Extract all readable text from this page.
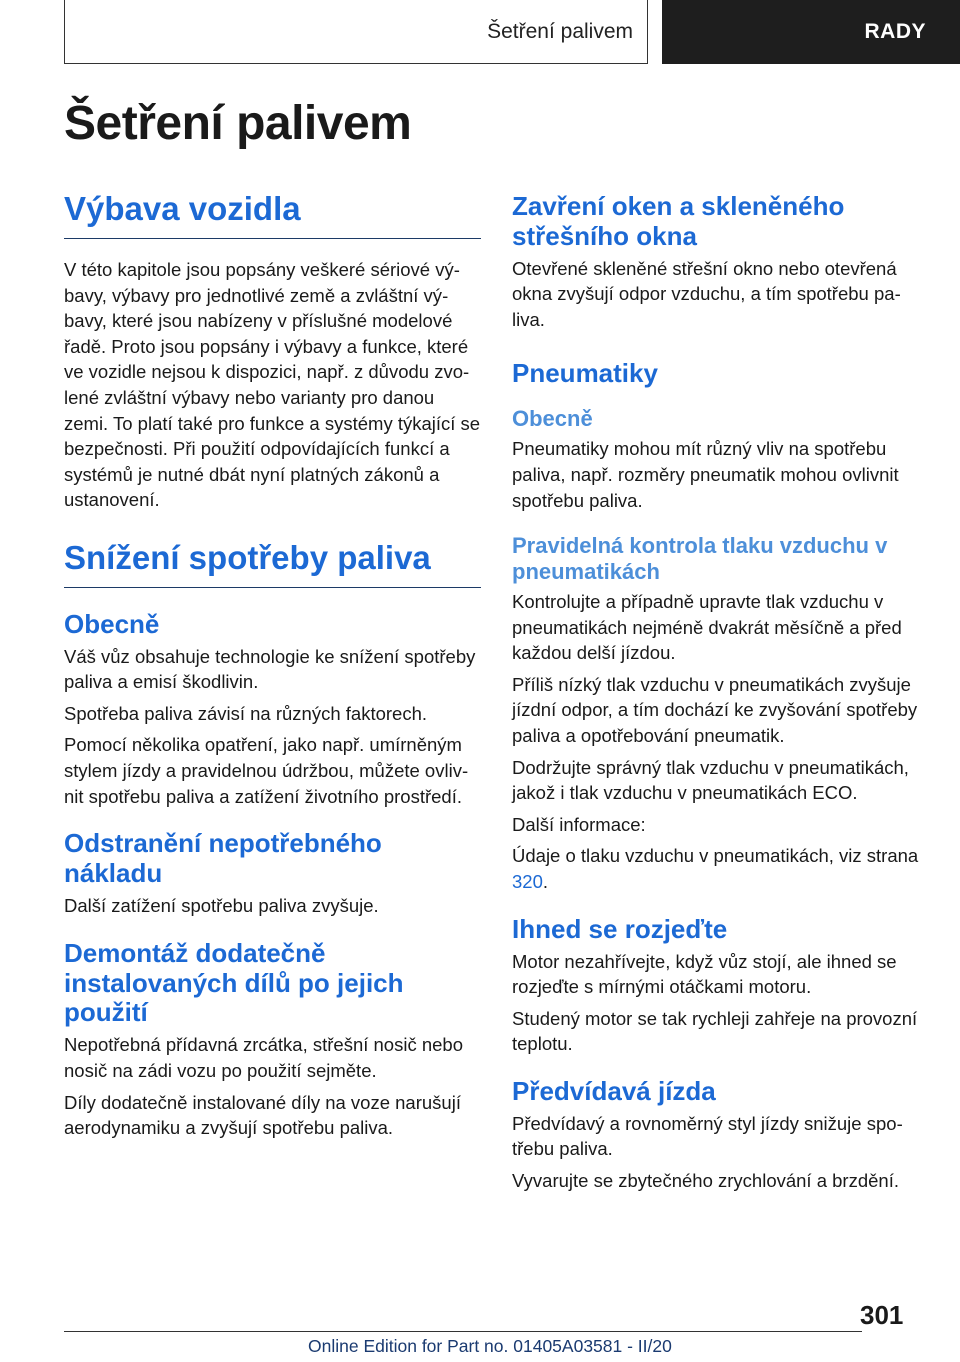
Šetření palivem	RADY
Šetření palivem
Výbava vozidla

V této kapitole jsou popsány veškeré sériové výbavy, výbavy pro jednotlivé země a zvláštní výbavy, které jsou nabízeny v příslušné modelové řadě. Proto jsou popsány i výbavy a funkce, které ve vozidle nejsou k dispozici, např. z důvodu zvolené zvláštní výbavy nebo varianty pro danou zemi. To platí také pro funkce a systémy týkající se bezpečnosti. Při použití odpovídajících funkcí a systémů je nutné dbát nyní platných zákonů a ustanovení.

Snížení spotřeby paliva
Obecně

Váš vůz obsahuje technologie ke snížení spotřeby paliva a emisí škodlivin.

Spotřeba paliva závisí na různých faktorech.

Pomocí několika opatření, jako např. umírněným stylem jízdy a pravidelnou údržbou, můžete ovlivnit spotřebu paliva a zatížení životního prostředí.

Odstranění nepotřebného nákladu

Další zatížení spotřebu paliva zvyšuje.

Demontáž dodatečně instalovaných dílů po jejich použití

Nepotřebná přídavná zrcátka, střešní nosič nebo nosič na zádi vozu po použití sejměte.

Díly dodatečně instalované díly na voze narušují aerodynamiku a zvyšují spotřebu paliva.

Zavření oken a skleněného střešního okna

Otevřené skleněné střešní okno nebo otevřená okna zvyšují odpor vzduchu, a tím spotřebu paliva.

Pneumatiky
Obecně

Pneumatiky mohou mít různý vliv na spotřebu paliva, např. rozměry pneumatik mohou ovlivnit spotřebu paliva.

Pravidelná kontrola tlaku vzduchu v pneumatikách

Kontrolujte a případně upravte tlak vzduchu v pneumatikách nejméně dvakrát měsíčně a před každou delší jízdou.

Příliš nízký tlak vzduchu v pneumatikách zvyšuje jízdní odpor, a tím dochází ke zvyšování spotřeby paliva a opotřebování pneumatik.

Dodržujte správný tlak vzduchu v pneumatikách, jakož i tlak vzduchu v pneumatikách ECO.

Další informace:

Údaje o tlaku vzduchu v pneumatikách, viz strana 320.

Ihned se rozjeďte

Motor nezahřívejte, když vůz stojí, ale ihned se rozjeďte s mírnými otáčkami motoru.

Studený motor se tak rychleji zahřeje na provozní teplotu.

Předvídavá jízda

Předvídavý a rovnoměrný styl jízdy snižuje spotřebu paliva.

Vyvarujte se zbytečného zrychlování a brzdění.

301
Online Edition for Part no. 01405A03581 - II/20
